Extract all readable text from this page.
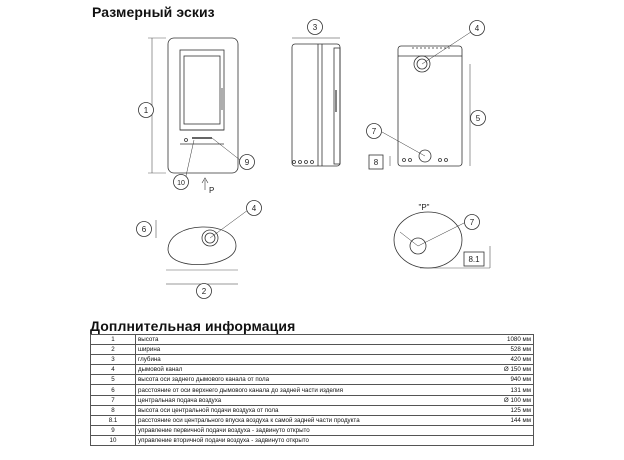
Размерный эскиз
1
9
10
P
3	4
5
7
8
4
6
2
"P"
7
8.1
Доплнительная информация
1	высота	1080 мм
2	ширина	528 мм
3	глубина	420 мм
4	дымовой канал	Ø 150 мм
5	высота оси заднего дымового канала от пола	940 мм
6	расстояние от оси верхнего дымового канала до задней части изделия	131 мм
7	центральная подача воздуха	Ø 100 мм
8	высота оси центральной подачи воздуха от пола	125 мм
8.1	расстояние оси центрального впуска воздуха к самой задней части продукта	144 мм
9	управление первичной подачи воздуха - задвинуто открыто	
10	управление вторичной подачи воздуха - задвинуто открыто	
